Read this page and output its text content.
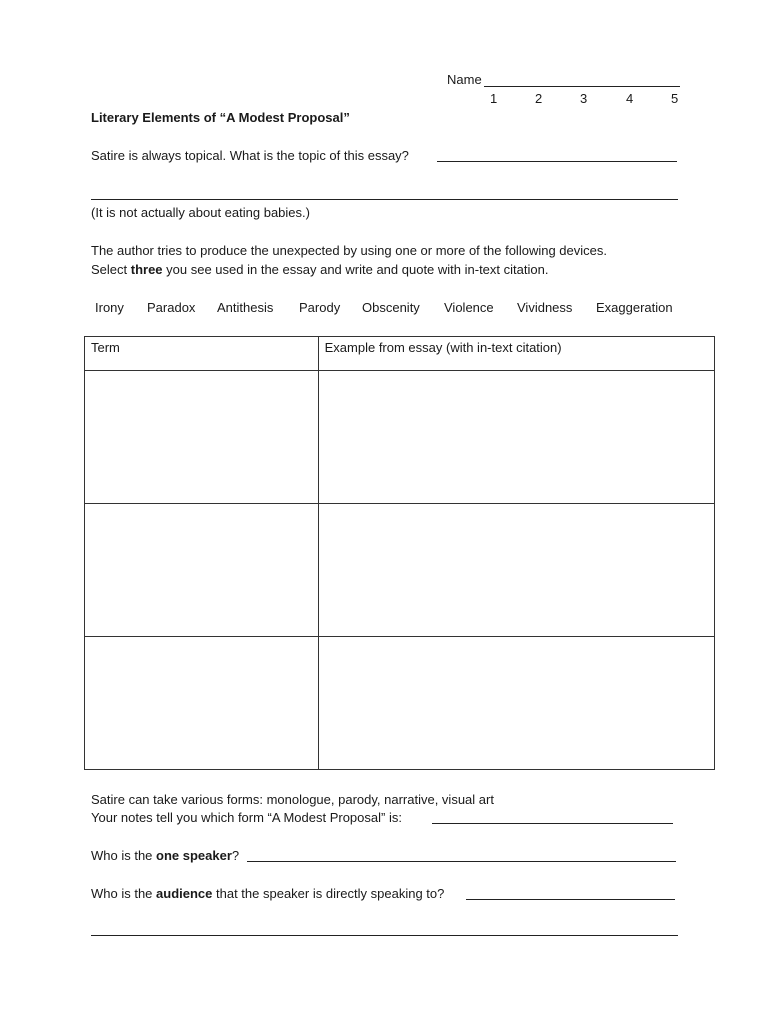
Name
1	2	3	4	5
Literary Elements of “A Modest Proposal”
Satire is always topical. What is the topic of this essay?
(It is not actually about eating babies.)
The author tries to produce the unexpected by using one or more of the following devices.
Select three you see used in the essay and write and quote with in-text citation.
Irony Paradox Antithesis Parody Obscenity Violence Vividness Exaggeration
Term	Example from essay (with in-text citation)

Satire can take various forms: monologue, parody, narrative, visual art
Your notes tell you which form “A Modest Proposal” is:
Who is the one speaker?
Who is the audience that the speaker is directly speaking to?
